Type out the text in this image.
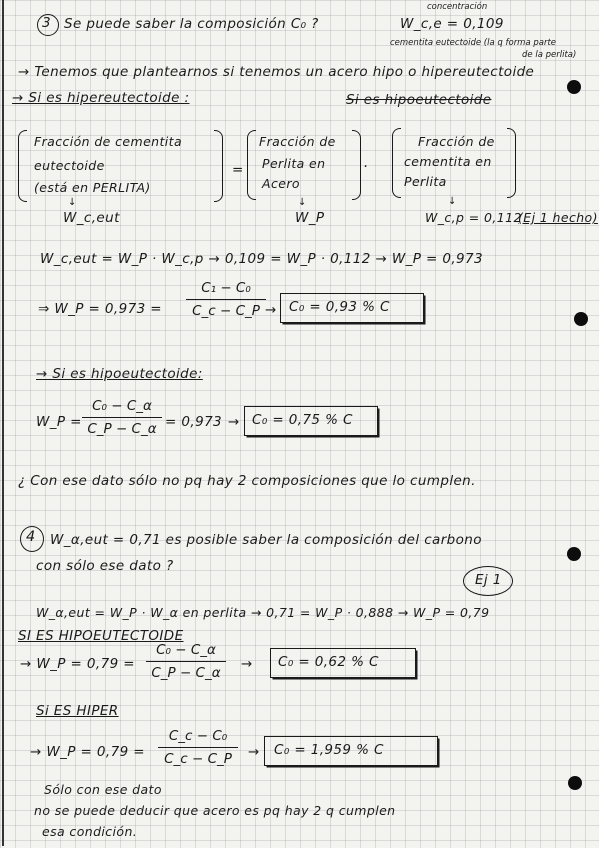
concentración
3 Se puede saber la composición C₀ ?	W_c,e = 0,109
cementita eutectoide (la q forma parte
de la perlita)
→ Tenemos que plantearnos si tenemos un acero hipo o hipereutectoide
→ Si es hipereutectoide :	Si es hipoeutectoide
Fracción de cementita
eutectoide
(está en PERLITA)
=
Fracción de
Perlita en
Acero
·
Fracción de
cementita en
Perlita
↓	↓	↓
W_c,eut	W_P	W_c,p = 0,112
(Ej 1 hecho)
W_c,eut = W_P · W_c,p → 0,109 = W_P · 0,112 → W_P = 0,973
⇒ W_P = 0,973 =
C₁ − C₀
C_c − C_P → C₀ = 0,93 % C
→ Si es hipoeutectoide:
W_P =
C₀ − C_α
C_P − C_α = 0,973 → C₀ = 0,75 % C
¿ Con ese dato sólo no pq hay 2 composiciones que lo cumplen.
4 W_α,eut = 0,71 es posible saber la composición del carbono
con sólo ese dato ?
Ej 1
W_α,eut = W_P · W_α en perlita → 0,71 = W_P · 0,888 → W_P = 0,79
SI ES HIPOEUTECTOIDE
→ W_P = 0,79 =
C₀ − C_α
C_P − C_α
→ C₀ = 0,62 % C
Si ES HIPER
→ W_P = 0,79 =
C_c − C₀
C_c − C_P	→ C₀ = 1,959 % C
Sólo con ese dato
no se puede deducir que acero es pq hay 2 q cumplen
esa condición.
